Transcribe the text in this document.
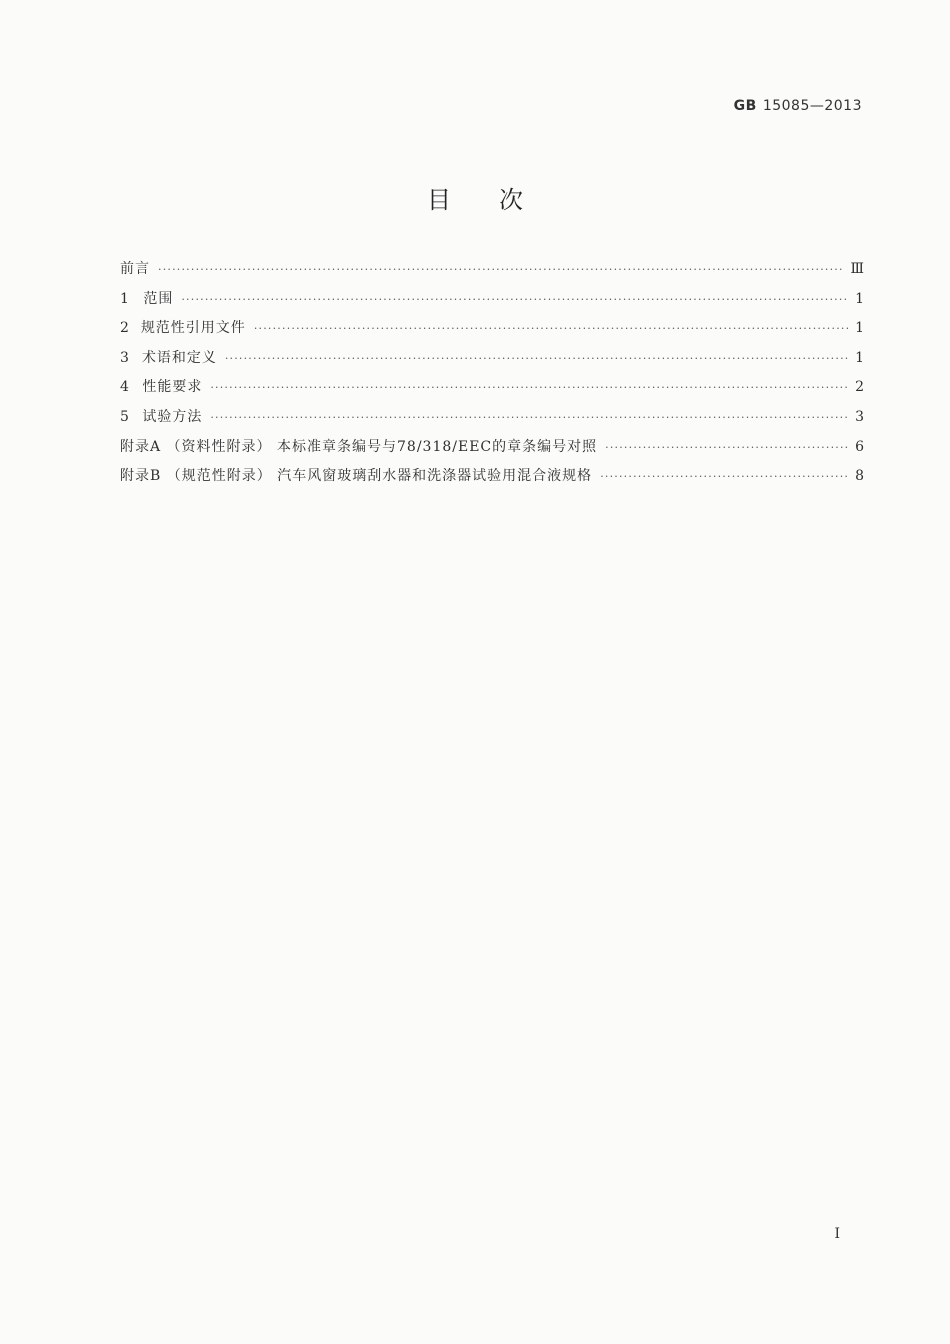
GB 15085—2013
目次
前言 ·····	Ⅲ
1	范围 ·····	1
2 规范性引用文件 ·····	1
3 术语和定义 ·····	1
4 性能要求 ·····	2
5 试验方法 ·····	3
附录A （资料性附录） 本标准章条编号与78/318/EEC的章条编号对照 ·····	6
附录B （规范性附录） 汽车风窗玻璃刮水器和洗涤器试验用混合液规格 ·····	8
I
